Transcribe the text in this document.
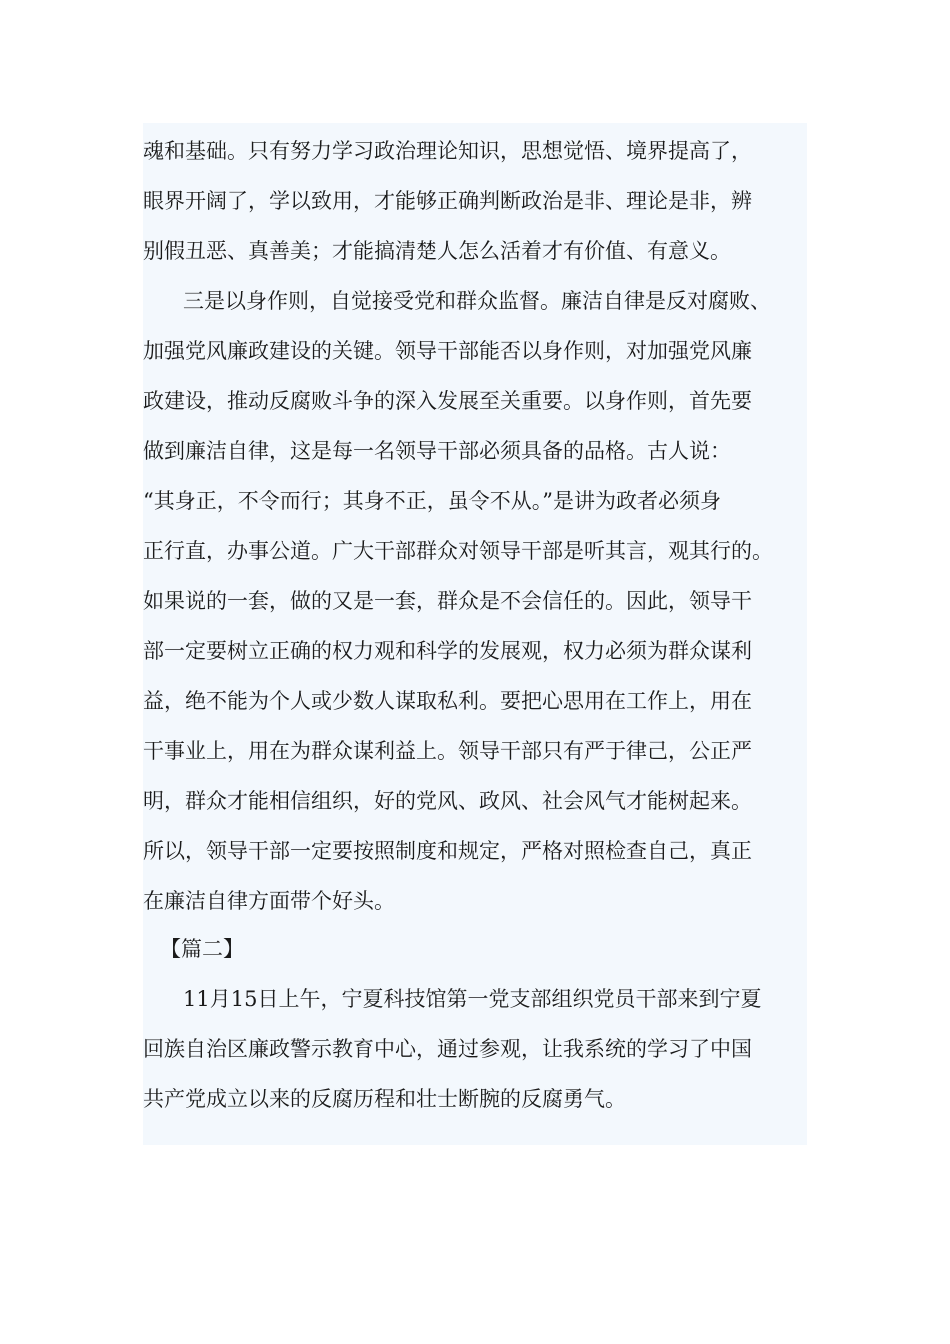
魂和基础。只有努力学习政治理论知识，思想觉悟、境界提高了，
眼界开阔了，学以致用，才能够正确判断政治是非、理论是非，辨
别假丑恶、真善美；才能搞清楚人怎么活着才有价值、有意义。
三是以身作则，自觉接受党和群众监督。廉洁自律是反对腐败、
加强党风廉政建设的关键。领导干部能否以身作则，对加强党风廉
政建设，推动反腐败斗争的深入发展至关重要。以身作则，首先要
做到廉洁自律，这是每一名领导干部必须具备的品格。古人说：
“其身正，不令而行；其身不正，虽令不从。”是讲为政者必须身
正行直，办事公道。广大干部群众对领导干部是听其言，观其行的。
如果说的一套，做的又是一套，群众是不会信任的。因此，领导干
部一定要树立正确的权力观和科学的发展观，权力必须为群众谋利
益，绝不能为个人或少数人谋取私利。要把心思用在工作上，用在
干事业上，用在为群众谋利益上。领导干部只有严于律己，公正严
明，群众才能相信组织，好的党风、政风、社会风气才能树起来。
所以，领导干部一定要按照制度和规定，严格对照检查自己，真正
在廉洁自律方面带个好头。
【篇二】
11月15日上午，宁夏科技馆第一党支部组织党员干部来到宁夏
回族自治区廉政警示教育中心，通过参观，让我系统的学习了中国
共产党成立以来的反腐历程和壮士断腕的反腐勇气。
